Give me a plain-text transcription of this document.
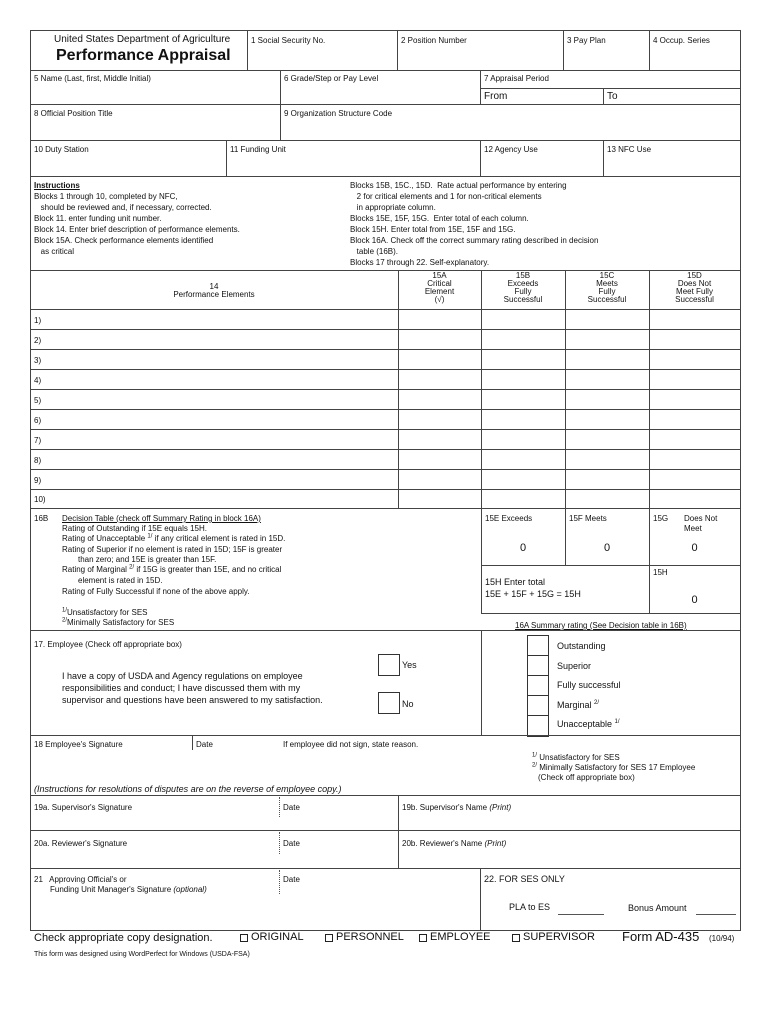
United States Department of Agriculture
Performance Appraisal
1 Social Security No.	2 Position Number	3 Pay Plan	4 Occup. Series
5 Name (Last, first, Middle Initial)	6 Grade/Step or Pay Level	7 Appraisal Period
From	To
8 Official Position Title	9 Organization Structure Code
10 Duty Station	11 Funding Unit	12 Agency Use	13 NFC Use
Instructions
Blocks 1 through 10, completed by NFC,
should be reviewed and, if necessary, corrected.
Block 11. enter funding unit number.
Block 14. Enter brief description of performance elements.
Block 15A. Check performance elements identified
as critical
Blocks 15B, 15C., 15D.  Rate actual performance by entering
2 for critical elements and 1 for non-critical elements
in appropriate column.
Blocks 15E, 15F, 15G.  Enter total of each column.
Block 15H. Enter total from 15E, 15F and 15G.
Block 16A. Check off the correct summary rating described in decision
table (16B).
Blocks 17 through 22. Self-explanatory.
14
Performance Elements
15A
Critical
Element
(√)
15B
Exceeds
Fully
Successful
15C
Meets
Fully
Successful
15D
Does Not
Meet Fully
Successful
1)
2)
3)
4)
5)
6)
7)
8)
9)
10)
16B Decision Table (check off Summary Rating in block 16A)
Rating of Outstanding if 15E equals 15H.
Rating of Unacceptable $^{1/}$ if any critical element is rated in 15D.
Rating of Superior if no element is rated in 15D; 15F is greater
than zero; and 15E is greater than 15F.
Rating of Marginal $^{2/}$ if 15G is greater than 15E, and no critical
element is rated in 15D.
Rating of Fully Successful if none of the above apply.
$^{1/}$Unsatisfactory for SES
$^{2/}$Minimally Satisfactory for SES
15E Exceeds	15F Meets	15G Does Not
Meet
0	0	0
15H
15H Enter total
15E + 15F + 15G = 15H	0
16A Summary rating (See Decision table in 16B)
17. Employee (Check off appropriate box)
I have a copy of USDA and Agency regulations on employee
responsibilities and conduct; I have discussed them with my
supervisor and questions have been answered to my satisfaction.
Yes
No
Outstanding
Superior
Fully successful
Marginal $^{2/}$
Unacceptable $^{1/}$
18 Employee's Signature	Date	If employee did not sign, state reason.
$^{1/}$ Unsatisfactory for SES
$^{2/}$ Minimally Satisfactory for SES 17 Employee
(Check off appropriate box)
(Instructions for resolutions of disputes are on the reverse of employee copy.)
19a. Supervisor's Signature	Date	19b. Supervisor's Name (Print)
20a. Reviewer's Signature	Date	20b. Reviewer's Name (Print)
21   Approving Official's or
Funding Unit Manager's Signature (optional)
Date	22. FOR SES ONLY
PLA to ES	Bonus Amount
Check appropriate copy designation.	ORIGINAL	PERSONNEL EMPLOYEE	SUPERVISOR Form AD-435 (10/94)
This form was designed using WordPerfect for Windows (USDA-FSA)
